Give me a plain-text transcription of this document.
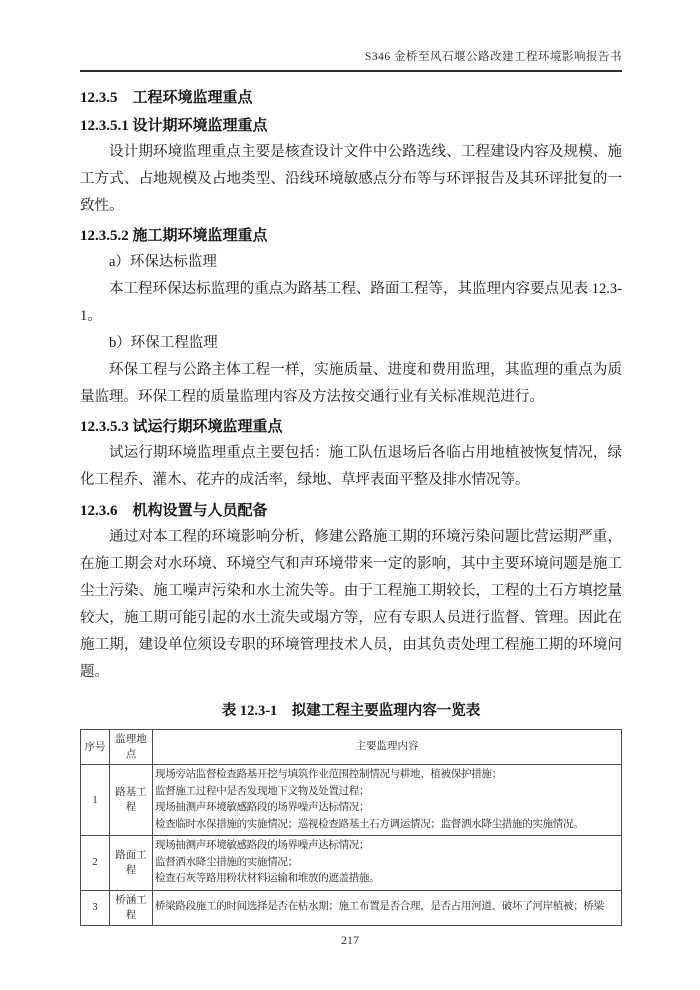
S346 金桥至风石堰公路改建工程环境影响报告书

12.3.5　工程环境监理重点

12.3.5.1 设计期环境监理重点

设计期环境监理重点主要是核查设计文件中公路选线、工程建设内容及规模、施工方式、占地规模及占地类型、沿线环境敏感点分布等与环评报告及其环评批复的一致性。

12.3.5.2 施工期环境监理重点

a）环保达标监理

本工程环保达标监理的重点为路基工程、路面工程等，其监理内容要点见表 12.3-1。

b）环保工程监理

环保工程与公路主体工程一样，实施质量、进度和费用监理，其监理的重点为质量监理。环保工程的质量监理内容及方法按交通行业有关标准规范进行。

12.3.5.3 试运行期环境监理重点

试运行期环境监理重点主要包括：施工队伍退场后各临占用地植被恢复情况，绿化工程乔、灌木、花卉的成活率，绿地、草坪表面平整及排水情况等。

12.3.6　机构设置与人员配备

通过对本工程的环境影响分析，修建公路施工期的环境污染问题比营运期严重，在施工期会对水环境、环境空气和声环境带来一定的影响，其中主要环境问题是施工尘土污染、施工噪声污染和水土流失等。由于工程施工期较长，工程的土石方填挖量较大，施工期可能引起的水土流失或塌方等，应有专职人员进行监督、管理。因此在施工期，建设单位须设专职的环境管理技术人员，由其负责处理工程施工期的环境问题。

表 12.3-1　拟建工程主要监理内容一览表

序号	监理地点	主要监理内容
1	路基工程	现场旁站监督检查路基开挖与填筑作业范围控制情况与耕地、植被保护措施；
监督施工过程中是否发现地下文物及处置过程；
现场抽测声环境敏感路段的场界噪声达标情况；
检查临时水保措施的实施情况；巡视检查路基土石方调运情况；监督洒水降尘措施的实施情况。

2	路面工程	现场抽测声环境敏感路段的场界噪声达标情况；
监督洒水降尘措施的实施情况；
检查石灰等路用粉状材料运输和堆放的遮盖措施。

3	桥涵工程	桥梁路段施工的时间选择是否在枯水期；施工布置是否合理，是否占用河道、破坏了河岸植被；桥梁
217
